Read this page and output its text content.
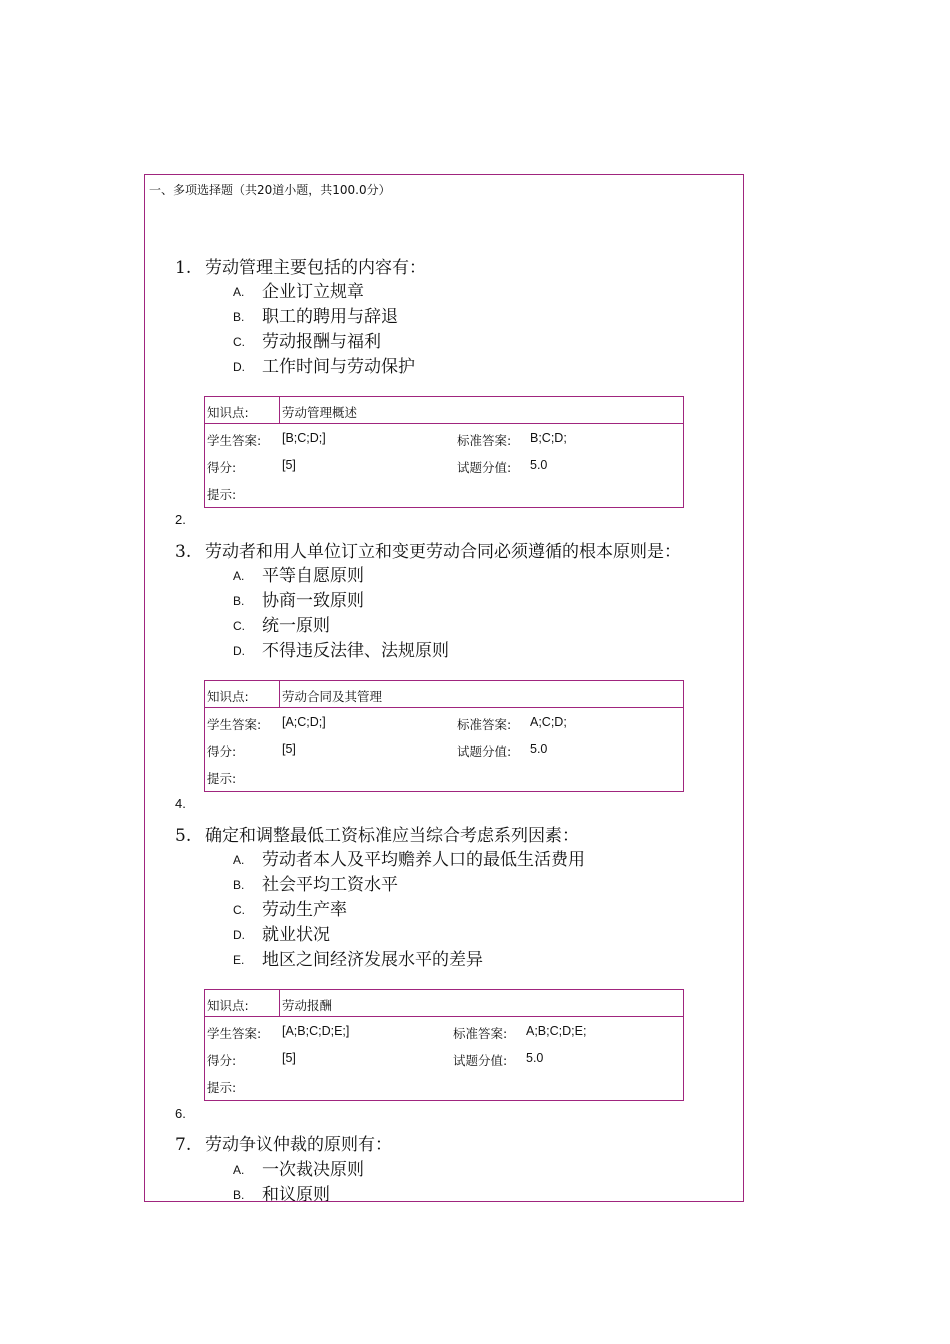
一、多项选择题（共20道小题，共100.0分）
1. 劳动管理主要包括的内容有：
A. 企业订立规章
B. 职工的聘用与辞退
C. 劳动报酬与福利
D. 工作时间与劳动保护
知识点:	劳动管理概述
学生答案: [B;C;D;]	标准答案: B;C;D;
得分:	[5]	试题分值: 5.0
提示:
2.
3. 劳动者和用人单位订立和变更劳动合同必须遵循的根本原则是：
A. 平等自愿原则
B. 协商一致原则
C. 统一原则
D. 不得违反法律、法规原则
知识点:	劳动合同及其管理
学生答案: [A;C;D;]	标准答案: A;C;D;
得分:	[5]	试题分值: 5.0
提示:
4.
5. 确定和调整最低工资标准应当综合考虑系列因素：
A. 劳动者本人及平均赡养人口的最低生活费用
B. 社会平均工资水平
C. 劳动生产率
D. 就业状况
E. 地区之间经济发展水平的差异
知识点:	劳动报酬
学生答案: [A;B;C;D;E;]	标准答案: A;B;C;D;E;
得分:	[5]	试题分值: 5.0
提示:
6.
7. 劳动争议仲裁的原则有：
A. 一次裁决原则
B. 和议原则
